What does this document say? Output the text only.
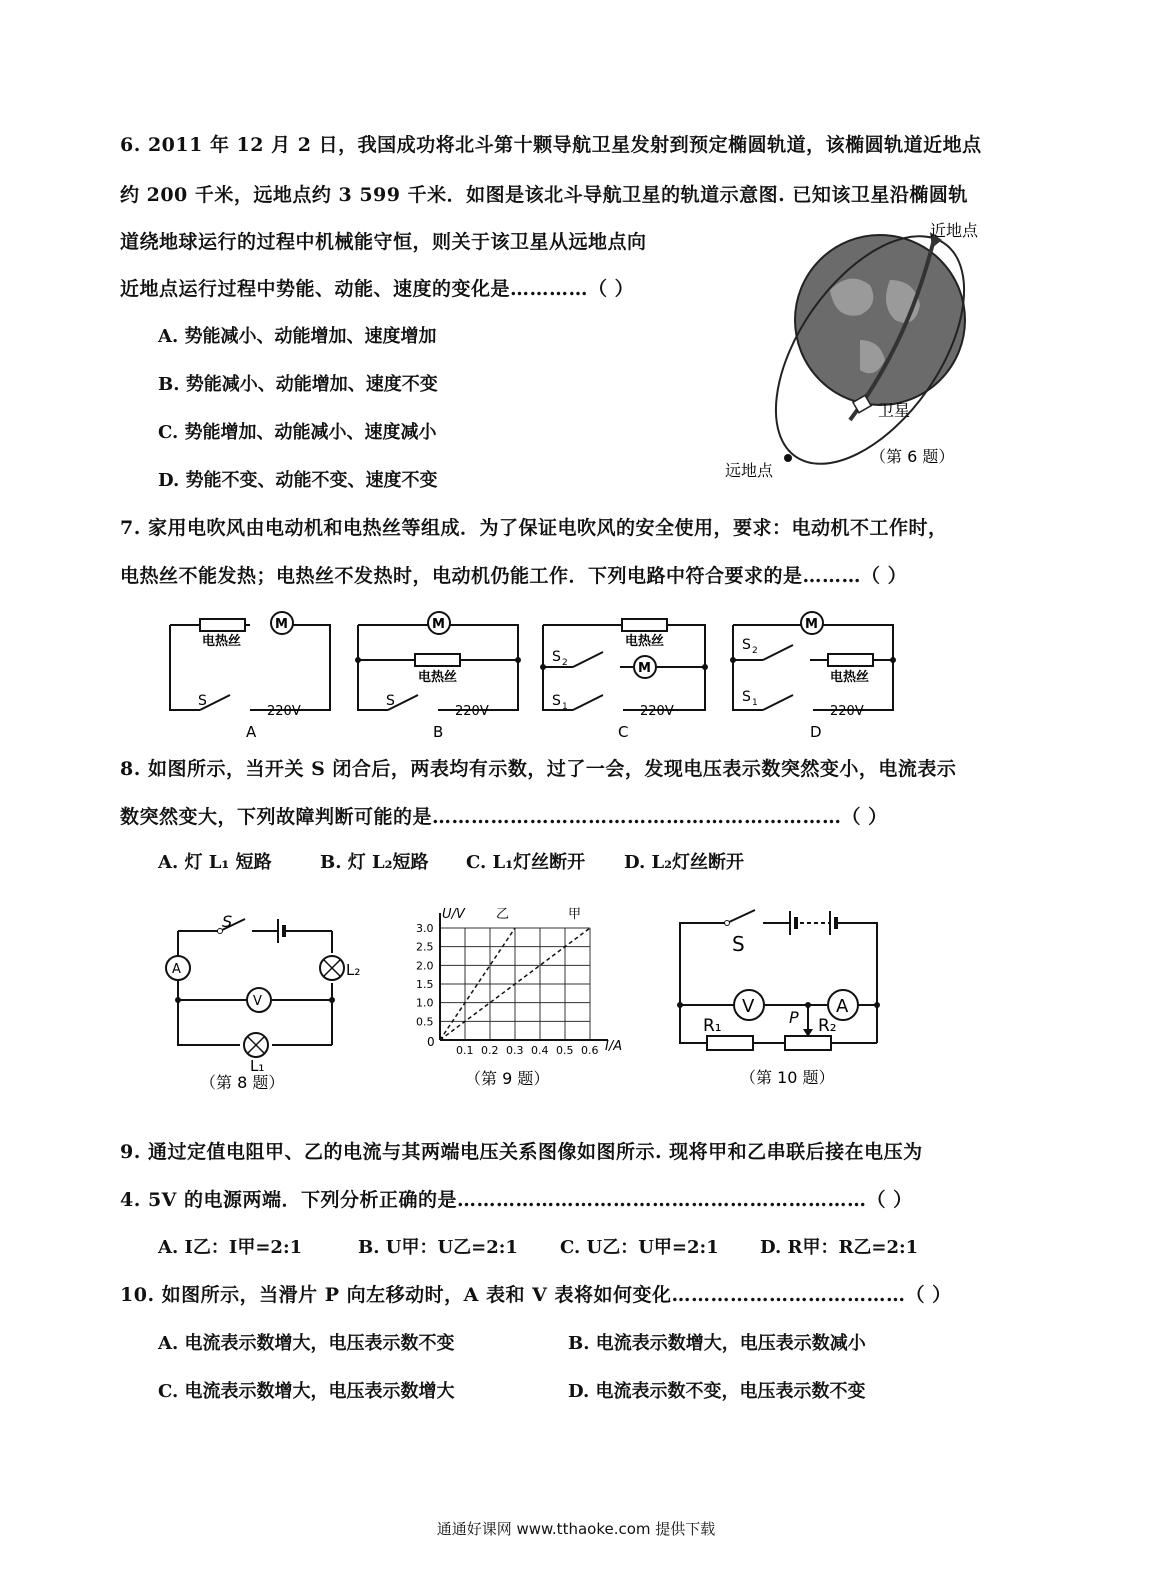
6. 2011 年 12 月 2 日，我国成功将北斗第十颗导航卫星发射到预定椭圆轨道，该椭圆轨道近地点
约 200 千米，远地点约 3 599 千米．如图是该北斗导航卫星的轨道示意图. 已知该卫星沿椭圆轨
道绕地球运行的过程中机械能守恒，则关于该卫星从远地点向
近地点运行过程中势能、动能、速度的变化是…………（ ）
A. 势能减小、动能增加、速度增加
B. 势能减小、动能增加、速度不变
C. 势能增加、动能减小、速度减小
D. 势能不变、动能不变、速度不变
近地点
卫星
远地点
（第 6 题）
7. 家用电吹风由电动机和电热丝等组成．为了保证电吹风的安全使用，要求：电动机不工作时，
电热丝不能发热；电热丝不发热时，电动机仍能工作．下列电路中符合要求的是………（ ）
电热丝
M
S
220V
A
M
电热丝
S
220V
B
电热丝
M
S 2
S 1	220V
C
M
电热丝
S 2
S 1
220V
D
8. 如图所示，当开关 S 闭合后，两表均有示数，过了一会，发现电压表示数突然变小，电流表示
数突然变大，下列故障判断可能的是………………………………………………………（ ）
A. 灯 L₁ 短路	B. 灯 L₂短路 C. L₁灯丝断开 D. L₂灯丝断开
S
A
V
L₂
L₁
（第 8 题）
0.1 0.2 0.3 0.4 0.5 0.6
0.5
1.0
1.5
2.0
2.5
3.0
U/V
I/A
0
乙	甲
（第 9 题）
S
V	A
R₁	R₂
P
（第 10 题）
9. 通过定值电阻甲、乙的电流与其两端电压关系图像如图所示. 现将甲和乙串联后接在电压为
4. 5V 的电源两端．下列分析正确的是………………………………………………………（ ）
A. I乙：I甲=2:1	B. U甲：U乙=2:1 C. U乙：U甲=2:1 D. R甲：R乙=2:1
10. 如图所示，当滑片 P 向左移动时，A 表和 V 表将如何变化………………………………（ ）
A. 电流表示数增大，电压表示数不变	B. 电流表示数增大，电压表示数减小
C. 电流表示数增大，电压表示数增大	D. 电流表示数不变，电压表示数不变
通通好课网 www.tthaoke.com 提供下载
